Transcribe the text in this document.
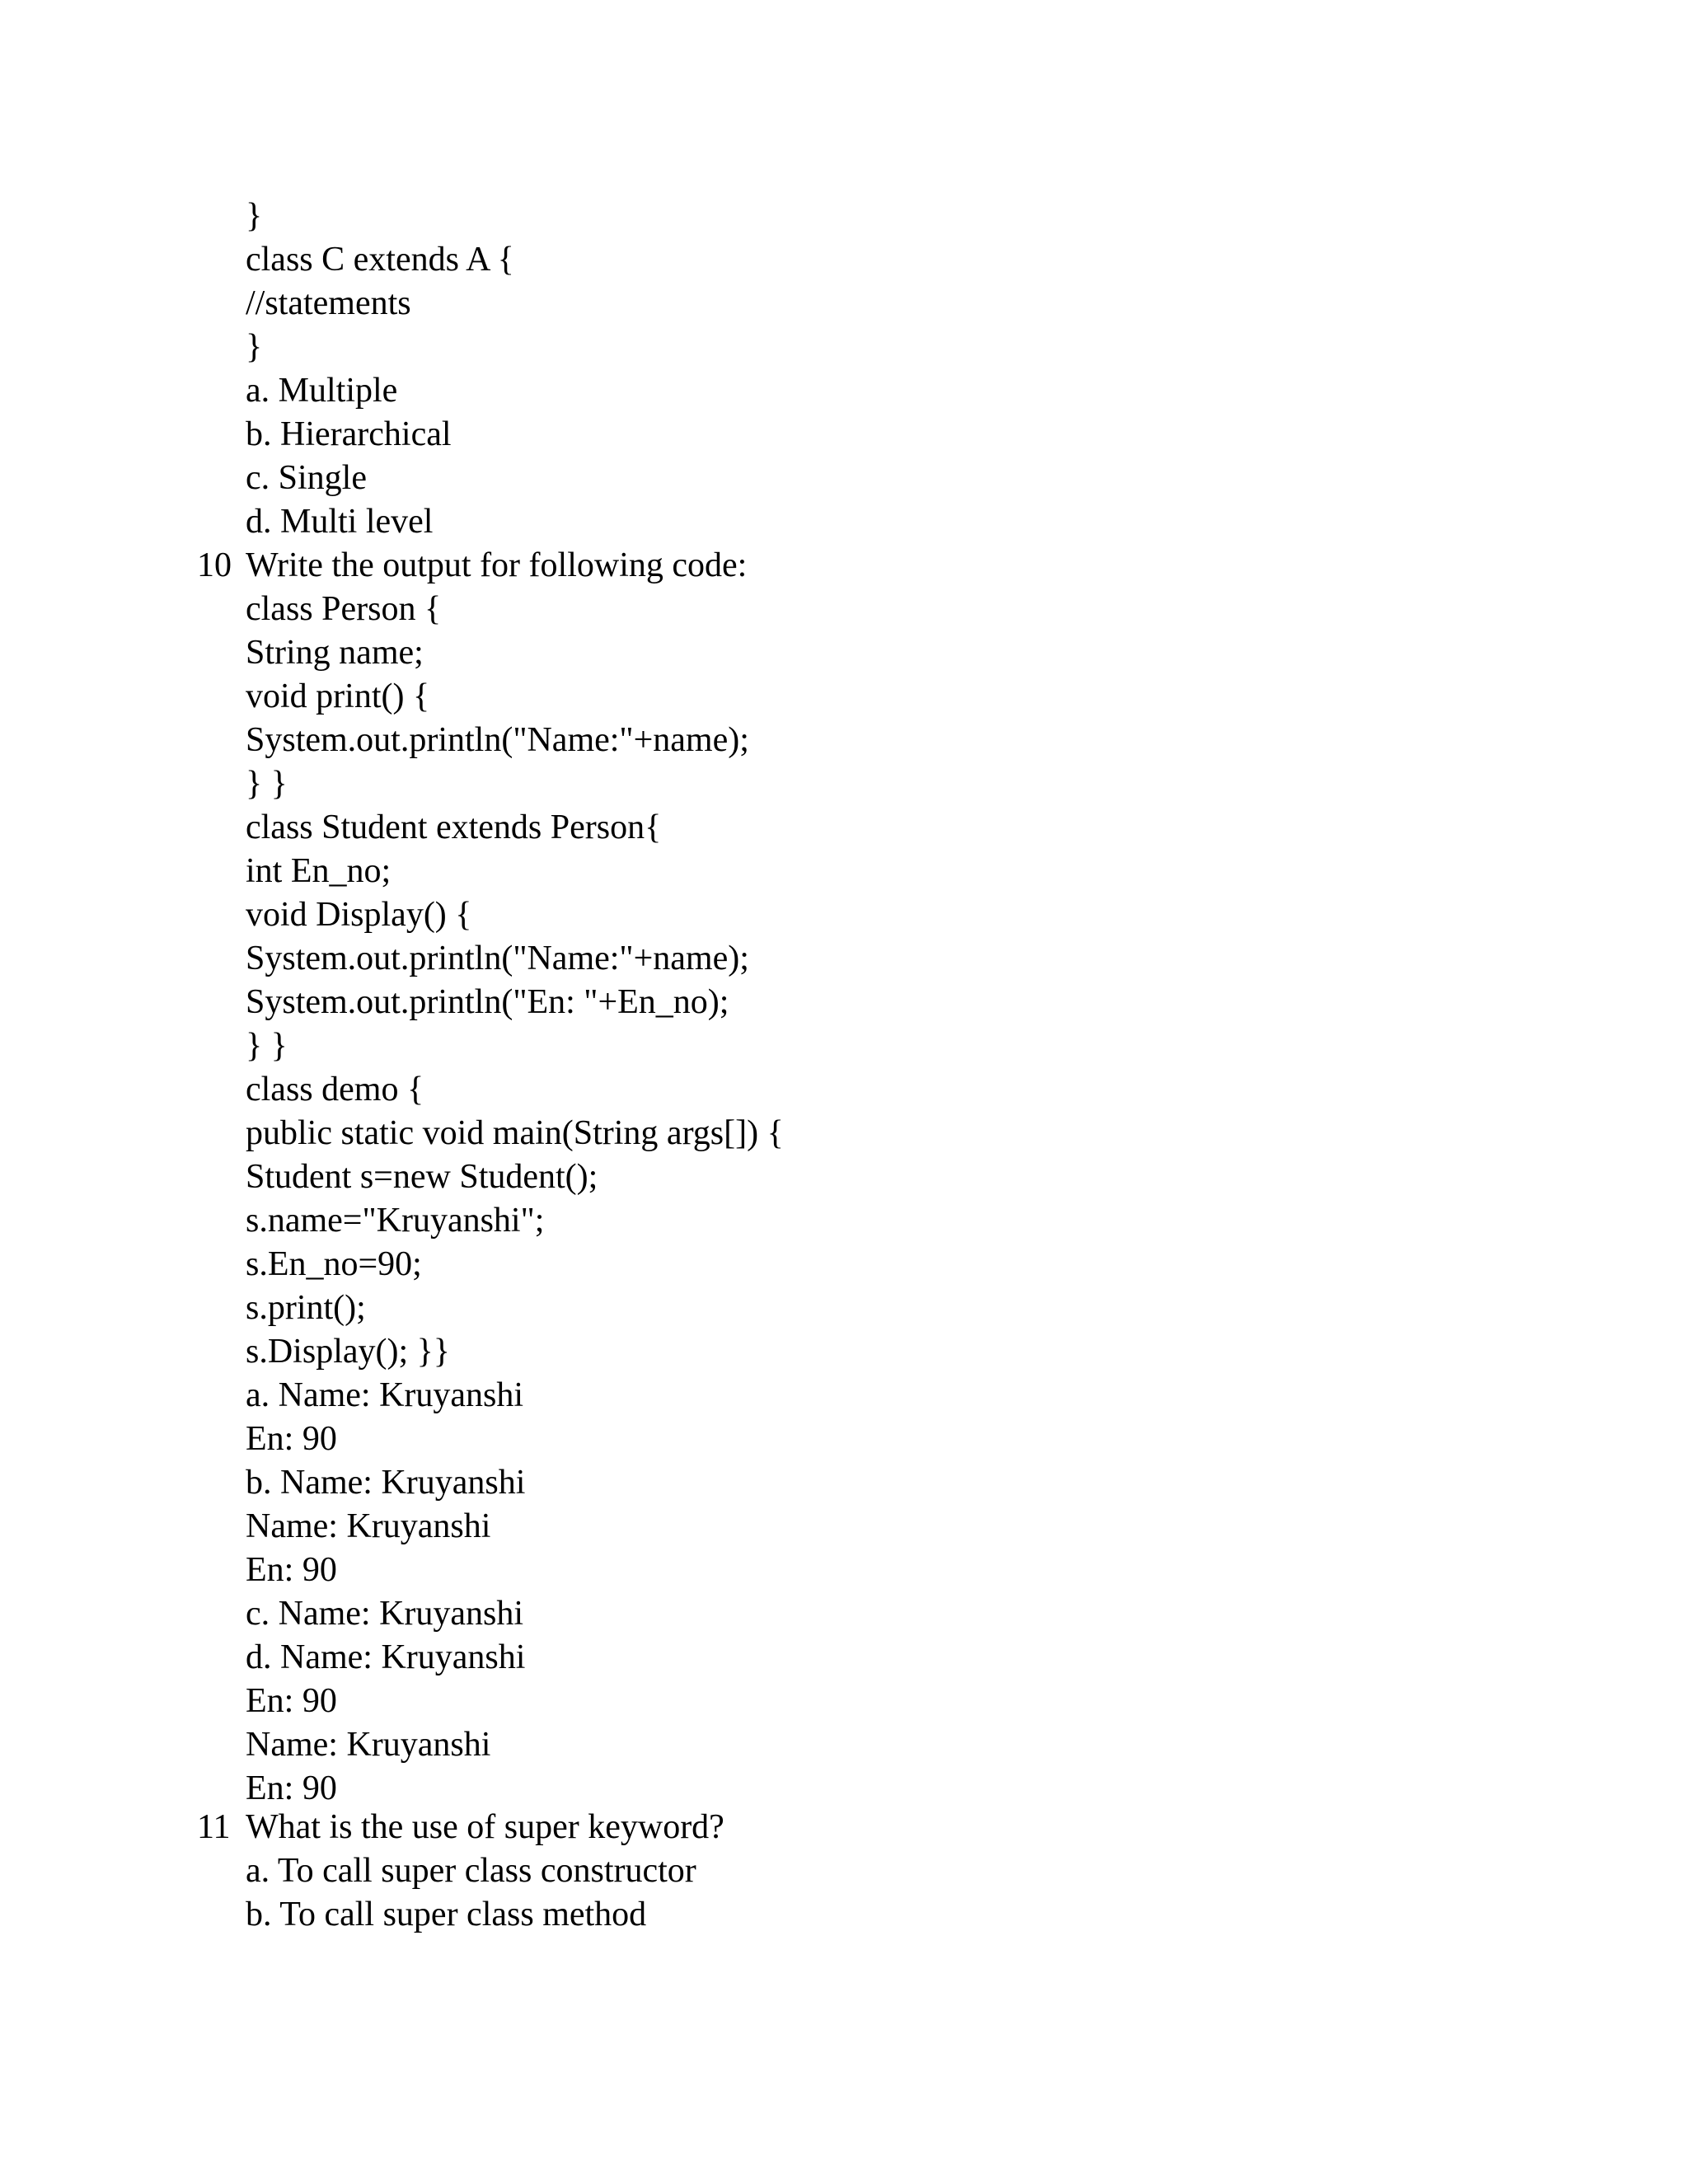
}
class C extends A {
//statements
}
a. Multiple
b. Hierarchical
c. Single
d. Multi level

10

Write the output for following code:

class Person {
String name;
void print() {
System.out.println("Name:"+name);
} }
class Student extends Person{
int En_no;
void Display() {
System.out.println("Name:"+name);
System.out.println("En: "+En_no);
} }
class demo {
public static void main(String args[]) {
Student s=new Student();
s.name="Kruyanshi";
s.En_no=90;
s.print();
s.Display(); }}
a. Name: Kruyanshi
En: 90
b. Name: Kruyanshi
Name: Kruyanshi
En: 90
c. Name: Kruyanshi
d. Name: Kruyanshi
En: 90
Name: Kruyanshi
En: 90

11

What is the use of super keyword?

a. To call super class constructor
b. To call super class method
